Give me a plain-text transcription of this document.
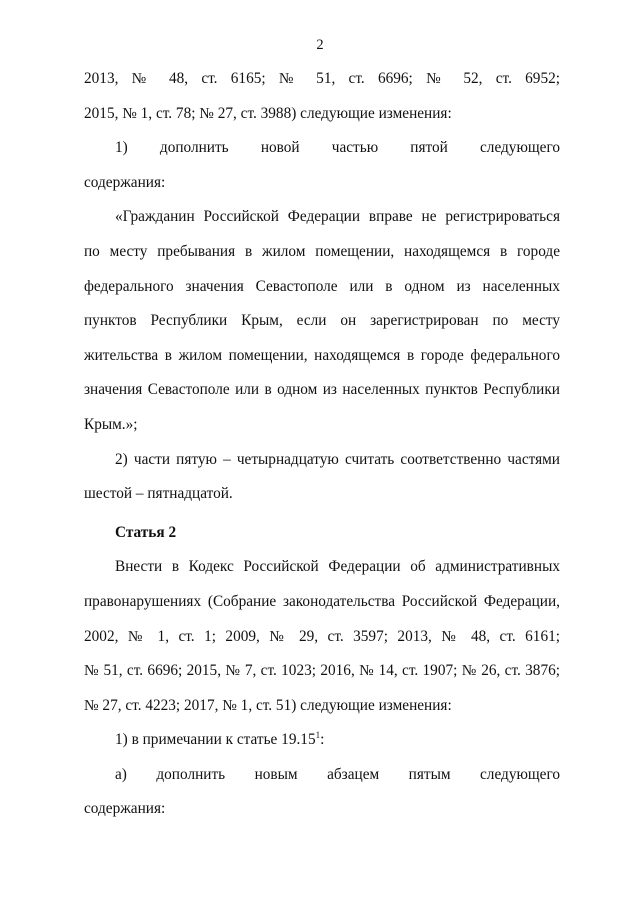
2

2013, № 48, ст. 6165; № 51, ст. 6696; № 52, ст. 6952;

2015, № 1, ст. 78; № 27, ст. 3988) следующие изменения:

1) дополнить новой частью пятой следующего

содержания:

«Гражданин Российской Федерации вправе не регистрироваться

по месту пребывания в жилом помещении, находящемся в городе

федерального значения Севастополе или в одном из населенных

пунктов Республики Крым, если он зарегистрирован по месту

жительства в жилом помещении, находящемся в городе федерального

значения Севастополе или в одном из населенных пунктов Республики

Крым.»;

2) части пятую – четырнадцатую считать соответственно частями

шестой – пятнадцатой.

Статья 2

Внести в Кодекс Российской Федерации об административных

правонарушениях (Собрание законодательства Российской Федерации,

2002, № 1, ст. 1; 2009, № 29, ст. 3597; 2013, № 48, ст. 6161;

№ 51, ст. 6696; 2015, № 7, ст. 1023; 2016, № 14, ст. 1907; № 26, ст. 3876;

№ 27, ст. 4223; 2017, № 1, ст. 51) следующие изменения:

1) в примечании к статье 19.15$^1$:

а) дополнить новым абзацем пятым следующего

содержания:
